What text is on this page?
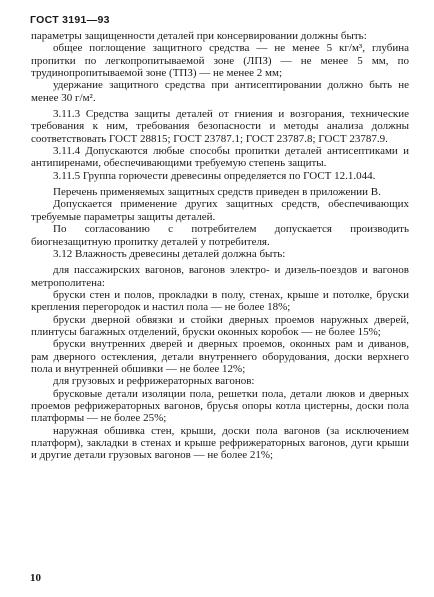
ГОСТ 3191—93

параметры защищенности деталей при консервировании должны быть:

общее поглощение защитного средства — не менее 5 кг/м³, глубина пропитки по легкопропитываемой зоне (ЛПЗ) — не менее 5 мм, по трудинопропитываемой зоне (ТПЗ) — не менее 2 мм;

удержание защитного средства при антисептировании должно быть не менее 30 г/м².

3.11.3 Средства защиты деталей от гниения и возгорания, технические требования к ним, требования безопасности и методы анализа должны соответствовать ГОСТ 28815; ГОСТ 23787.1; ГОСТ 23787.8; ГОСТ 23787.9.

3.11.4 Допускаются любые способы пропитки деталей антисептиками и антипиренами, обеспечивающими требуемую степень защиты.

3.11.5 Группа горючести древесины определяется по ГОСТ 12.1.044.

Перечень применяемых защитных средств приведен в приложении В.

Допускается применение других защитных средств, обеспечивающих требуемые параметры защиты деталей.

По согласованию с потребителем допускается производить биогнезащитную пропитку деталей у потребителя.

3.12 Влажность древесины деталей должна быть:

для пассажирских вагонов, вагонов электро- и дизель-поездов и вагонов метрополитена:

бруски стен и полов, прокладки в полу, стенах, крыше и потолке, бруски крепления перегородок и настил пола — не более 18%;

бруски дверной обвязки и стойки дверных проемов наружных дверей, плинтусы багажных отделений, бруски оконных коробок — не более 15%;

бруски внутренних дверей и дверных проемов, оконных рам и диванов, рам дверного остекления, детали внутреннего оборудования, доски верхнего пола и внутренней обшивки — не более 12%;

для грузовых и рефрижераторных вагонов:

брусковые детали изоляции пола, решетки пола, детали люков и дверных проемов рефрижераторных вагонов, брусья опоры котла цистерны, доски пола платформы — не более 25%;

наружная обшивка стен, крыши, доски пола вагонов (за исключением платформ), закладки в стенах и крыше рефрижераторных вагонов, дуги крыши и другие детали грузовых вагонов — не более 21%;

10
